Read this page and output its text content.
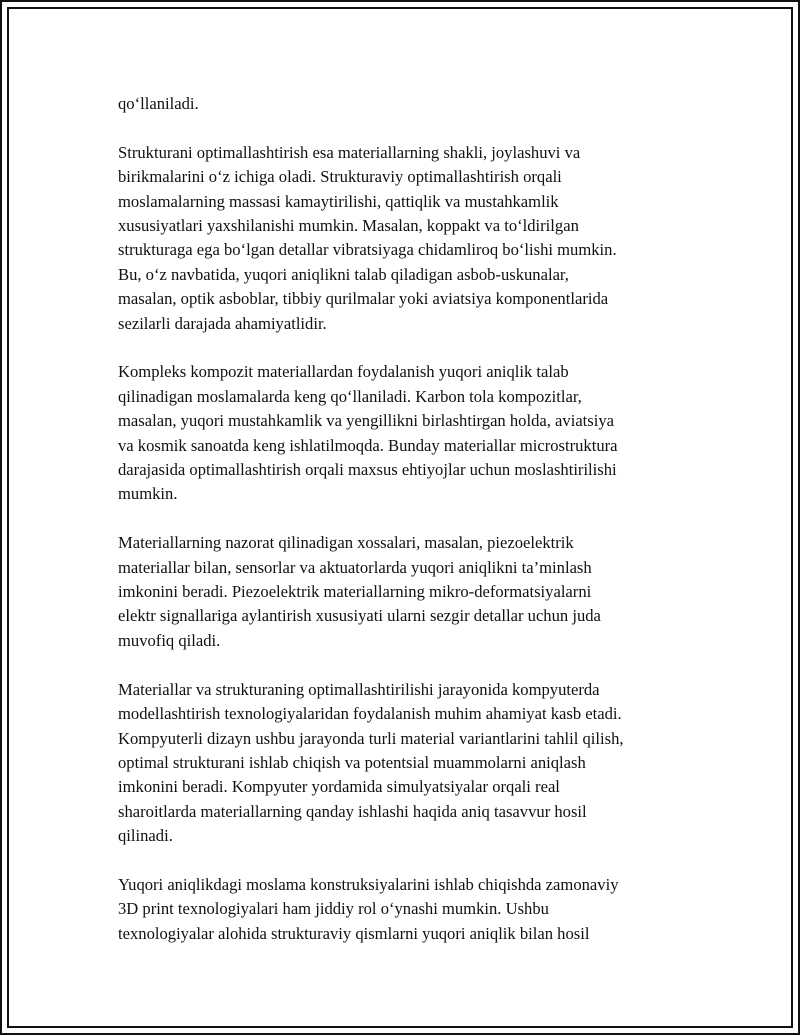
qo‘llaniladi.

Strukturani optimallashtirish esa materiallarning shakli, joylashuvi va
birikmalarini o‘z ichiga oladi. Strukturaviy optimallashtirish orqali
moslamalarning massasi kamaytirilishi, qattiqlik va mustahkamlik
xususiyatlari yaxshilanishi mumkin. Masalan, koppakt va to‘ldirilgan
strukturaga ega bo‘lgan detallar vibratsiyaga chidamliroq bo‘lishi mumkin.
Bu, o‘z navbatida, yuqori aniqlikni talab qiladigan asbob-uskunalar,
masalan, optik asboblar, tibbiy qurilmalar yoki aviatsiya komponentlarida
sezilarli darajada ahamiyatlidir.

Kompleks kompozit materiallardan foydalanish yuqori aniqlik talab
qilinadigan moslamalarda keng qo‘llaniladi. Karbon tola kompozitlar,
masalan, yuqori mustahkamlik va yengillikni birlashtirgan holda, aviatsiya
va kosmik sanoatda keng ishlatilmoqda. Bunday materiallar microstruktura
darajasida optimallashtirish orqali maxsus ehtiyojlar uchun moslashtirilishi
mumkin.

Materiallarning nazorat qilinadigan xossalari, masalan, piezoelektrik
materiallar bilan, sensorlar va aktuatorlarda yuqori aniqlikni ta’minlash
imkonini beradi. Piezoelektrik materiallarning mikro-deformatsiyalarni
elektr signallariga aylantirish xususiyati ularni sezgir detallar uchun juda
muvofiq qiladi.

Materiallar va strukturaning optimallashtirilishi jarayonida kompyuterda
modellashtirish texnologiyalaridan foydalanish muhim ahamiyat kasb etadi.
Kompyuterli dizayn ushbu jarayonda turli material variantlarini tahlil qilish,
optimal strukturani ishlab chiqish va potentsial muammolarni aniqlash
imkonini beradi. Kompyuter yordamida simulyatsiyalar orqali real
sharoitlarda materiallarning qanday ishlashi haqida aniq tasavvur hosil
qilinadi.

Yuqori aniqlikdagi moslama konstruksiyalarini ishlab chiqishda zamonaviy
3D print texnologiyalari ham jiddiy rol o‘ynashi mumkin. Ushbu
texnologiyalar alohida strukturaviy qismlarni yuqori aniqlik bilan hosil
